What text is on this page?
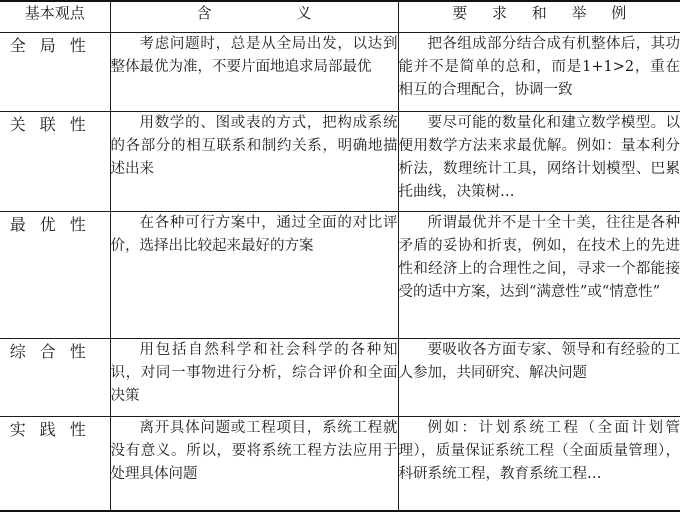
基本观点	含 义	要 求 和 举 例
全局性	考虑问题时，总是从全局出发，以达到整体最优为准，不要片面地追求局部最优	把各组成部分结合成有机整体后，其功能并不是简单的总和，而是1+1>2，重在相互的合理配合，协调一致
关联性	用数学的、图或表的方式，把构成系统的各部分的相互联系和制约关系，明确地描述出来	要尽可能的数量化和建立数学模型。以便用数学方法来求最优解。例如：量本利分析法，数理统计工具，网络计划模型、巴累托曲线，决策树…
最优性	在各种可行方案中，通过全面的对比评价，选择出比较起来最好的方案	所谓最优并不是十全十美，往往是各种矛盾的妥协和折衷，例如，在技术上的先进性和经济上的合理性之间，寻求一个都能接受的适中方案，达到“满意性”或“情意性”
综合性	用包括自然科学和社会科学的各种知识，对同一事物进行分析，综合评价和全面决策	要吸收各方面专家、领导和有经验的工人参加，共同研究、解决问题
实践性	离开具体问题或工程项目，系统工程就没有意义。所以，要将系统工程方法应用于处理具体问题	例如：计划系统工程（全面计划管理），质量保证系统工程（全面质量管理），科研系统工程，教育系统工程…
